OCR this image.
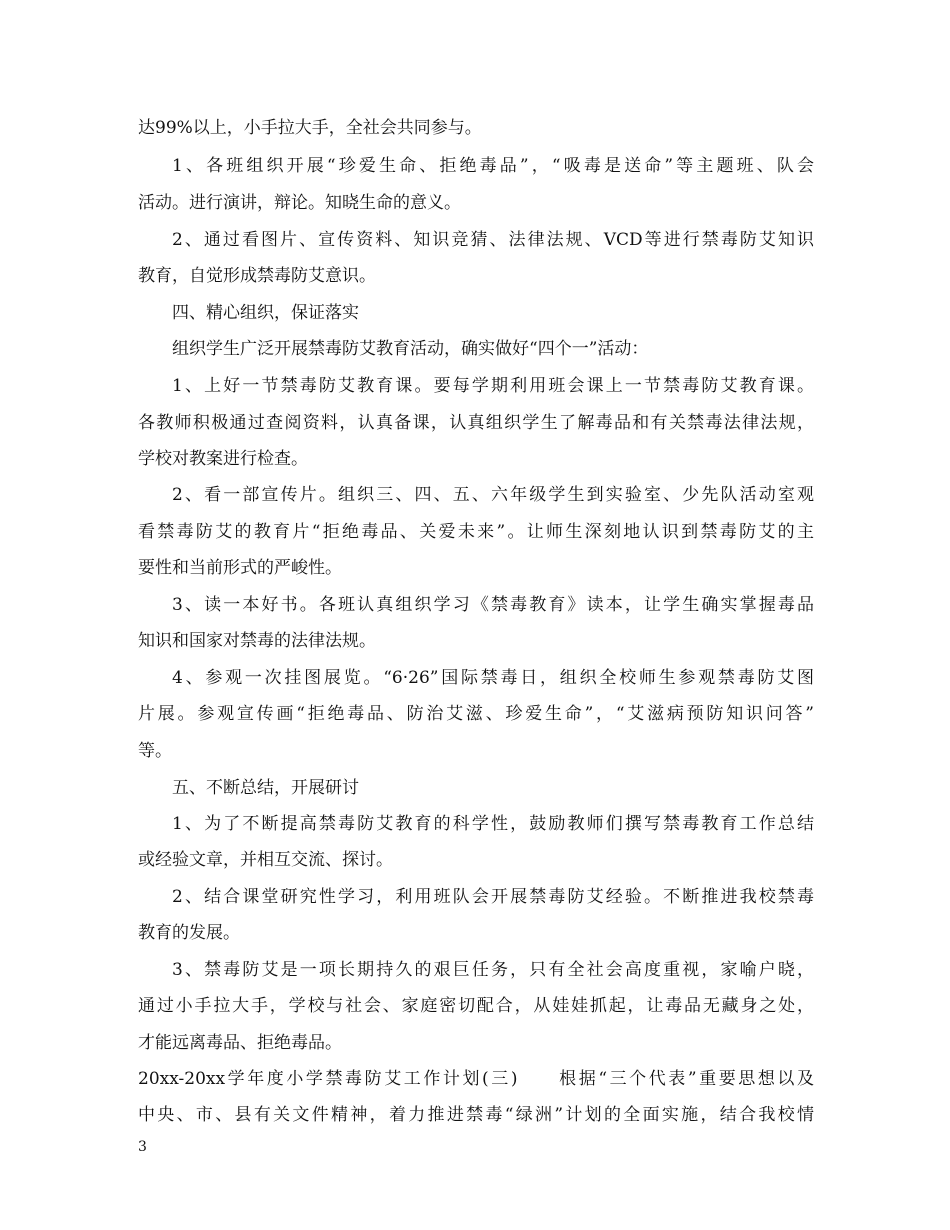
达99%以上，小手拉大手，全社会共同参与。
1、各班组织开展“珍爱生命、拒绝毒品”，“吸毒是送命”等主题班、队会
活动。进行演讲，辩论。知晓生命的意义。
2、通过看图片、宣传资料、知识竞猜、法律法规、VCD等进行禁毒防艾知识
教育，自觉形成禁毒防艾意识。
四、精心组织，保证落实
组织学生广泛开展禁毒防艾教育活动，确实做好“四个一”活动：
1、上好一节禁毒防艾教育课。要每学期利用班会课上一节禁毒防艾教育课。
各教师积极通过查阅资料，认真备课，认真组织学生了解毒品和有关禁毒法律法规，
学校对教案进行检查。
2、看一部宣传片。组织三、四、五、六年级学生到实验室、少先队活动室观
看禁毒防艾的教育片“拒绝毒品、关爱未来”。让师生深刻地认识到禁毒防艾的主
要性和当前形式的严峻性。
3、读一本好书。各班认真组织学习《禁毒教育》读本，让学生确实掌握毒品
知识和国家对禁毒的法律法规。
4、参观一次挂图展览。“6·26”国际禁毒日，组织全校师生参观禁毒防艾图
片展。参观宣传画“拒绝毒品、防治艾滋、珍爱生命”，“艾滋病预防知识问答”
等。
五、不断总结，开展研讨
1、为了不断提高禁毒防艾教育的科学性，鼓励教师们撰写禁毒教育工作总结
或经验文章，并相互交流、探讨。
2、结合课堂研究性学习，利用班队会开展禁毒防艾经验。不断推进我校禁毒
教育的发展。
3、禁毒防艾是一项长期持久的艰巨任务，只有全社会高度重视，家喻户晓，
通过小手拉大手，学校与社会、家庭密切配合，从娃娃抓起，让毒品无藏身之处，
才能远离毒品、拒绝毒品。
20xx-20xx学年度小学禁毒防艾工作计划(三)　　根据“三个代表”重要思想以及
中央、市、县有关文件精神，着力推进禁毒“绿洲”计划的全面实施，结合我校情
3
